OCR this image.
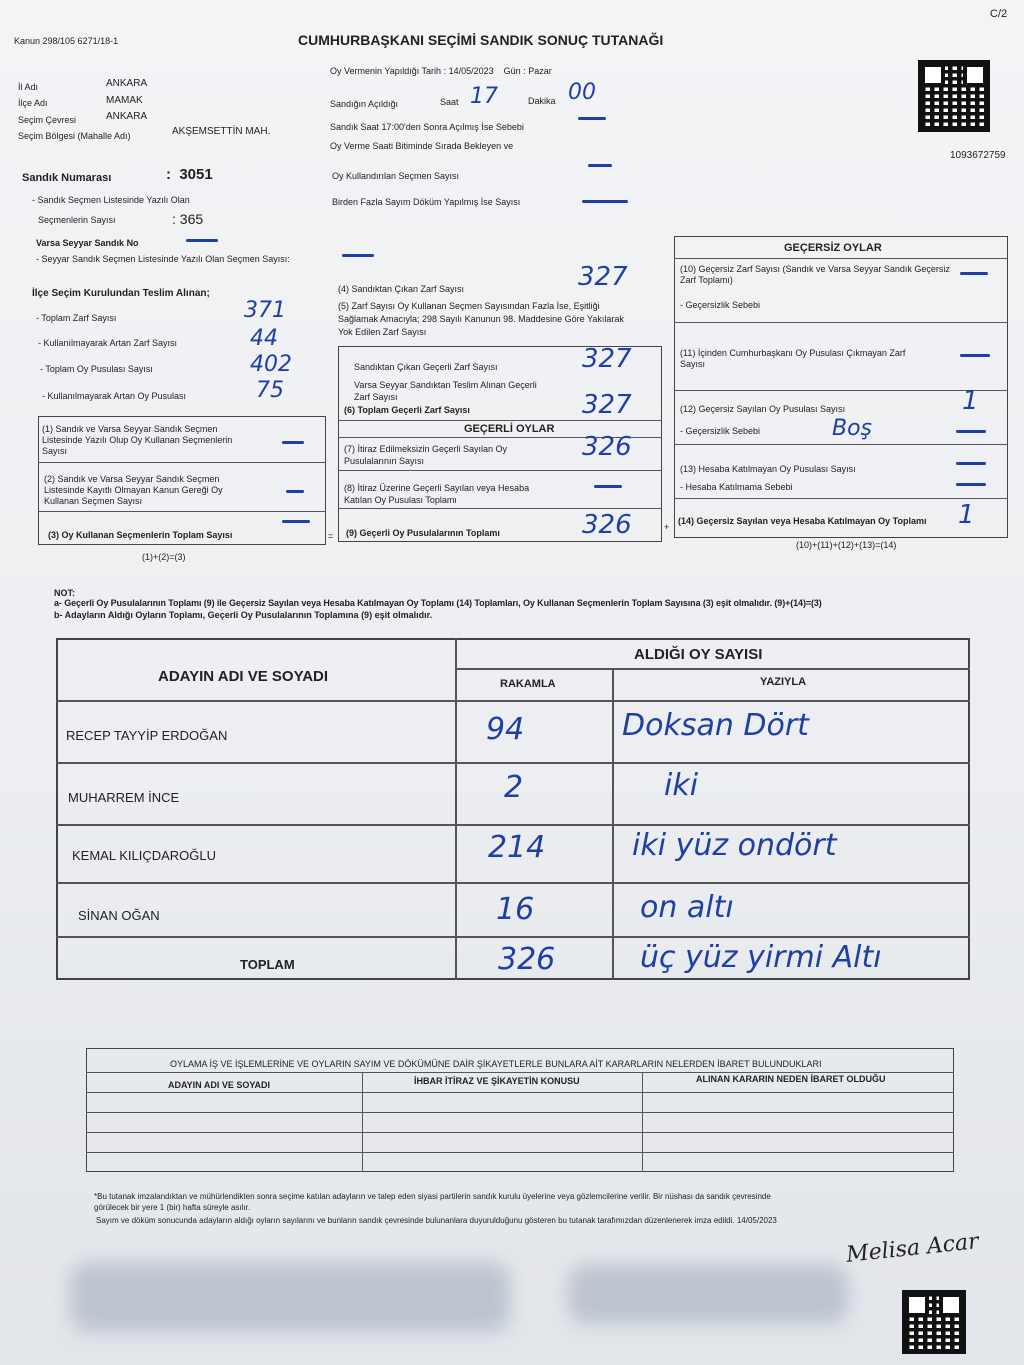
C/2
Kanun 298/105 6271/18-1	CUMHURBAŞKANI SEÇİMİ SANDIK SONUÇ TUTANAĞI
1093672759
İl Adı	ANKARA
İlçe Adı	MAMAK
Seçim Çevresi	ANKARA
Seçim Bölgesi (Mahalle Adı)	AKŞEMSETTİN MAH.
Sandık Numarası	:  3051
- Sandık Seçmen Listesinde Yazılı Olan
Seçmenlerin Sayısı	: 365
Varsa Seyyar Sandık No
- Seyyar Sandık Seçmen Listesinde Yazılı Olan Seçmen Sayısı:
Oy Vermenin Yapıldığı Tarih : 14/05/2023 Gün : Pazar
Sandığın Açıldığı	Saat 17	Dakika 00
Sandık Saat 17:00'den Sonra Açılmış İse Sebebi
Oy Verme Saati Bitiminde Sırada Bekleyen ve
Oy Kullandırılan Seçmen Sayısı
Birden Fazla Sayım Döküm Yapılmış İse Sayısı
İlçe Seçim Kurulundan Teslim Alınan;
- Toplam Zarf Sayısı	371
- Kullanılmayarak Artan Zarf Sayısı	44
- Toplam Oy Pusulası Sayısı	402
- Kullanılmayarak Artan Oy Pusulası	75
(1) Sandık ve Varsa Seyyar Sandık Seçmen Listesinde Yazılı Olup Oy Kullanan Seçmenlerin Sayısı
(2) Sandık ve Varsa Seyyar Sandık Seçmen Listesinde Kayıtlı Olmayan Kanun Gereği Oy Kullanan Seçmen Sayısı
(3) Oy Kullanan Seçmenlerin Toplam Sayısı	=
(1)+(2)=(3)
(4) Sandıktan Çıkan Zarf Sayısı	327
(5) Zarf Sayısı Oy Kullanan Seçmen Sayısından Fazla İse, Eşitliği Sağlamak Amacıyla; 298 Sayılı Kanunun 98. Maddesine Göre Yakılarak Yok Edilen Zarf Sayısı
Sandıktan Çıkan Geçerli Zarf Sayısı	327
Varsa Seyyar Sandıktan Teslim Alınan Geçerli Zarf Sayısı
(6) Toplam Geçerli Zarf Sayısı	327
GEÇERLİ OYLAR
(7) İtiraz Edilmeksizin Geçerli Sayılan Oy Pusulalarının Sayısı	326
(8) İtiraz Üzerine Geçerli Sayılan veya Hesaba Katılan Oy Pusulası Toplamı
(9) Geçerli Oy Pusulalarının Toplamı	326	+
GEÇERSİZ OYLAR
(10) Geçersiz Zarf Sayısı (Sandık ve Varsa Seyyar Sandık Geçersiz Zarf Toplamı)
- Geçersizlik Sebebi
(11) İçinden Cumhurbaşkanı Oy Pusulası Çıkmayan Zarf Sayısı
(12) Geçersiz Sayılan Oy Pusulası Sayısı	1
- Geçersizlik Sebebi	Boş
(13) Hesaba Katılmayan Oy Pusulası Sayısı
- Hesaba Katılmama Sebebi
(14) Geçersiz Sayılan veya Hesaba Katılmayan Oy Toplamı 1
(10)+(11)+(12)+(13)=(14)
NOT:
a- Geçerli Oy Pusulalarının Toplamı (9) ile Geçersiz Sayılan veya Hesaba Katılmayan Oy Toplamı (14) Toplamları, Oy Kullanan Seçmenlerin Toplam Sayısına (3) eşit olmalıdır. (9)+(14)=(3)
b- Adayların Aldığı Oyların Toplamı, Geçerli Oy Pusulalarının Toplamına (9) eşit olmalıdır.
ADAYIN ADI VE SOYADI
ALDIĞI OY SAYISI
RAKAMLA	YAZIYLA
RECEP TAYYİP ERDOĞAN	94	Doksan Dört
MUHARREM İNCE	2	iki
KEMAL KILIÇDAROĞLU	214	iki yüz ondört
SİNAN OĞAN	16	on altı
TOPLAM	326	üç yüz yirmi Altı
OYLAMA İŞ VE İŞLEMLERİNE VE OYLARIN SAYIM VE DÖKÜMÜNE DAİR ŞİKAYETLERLE BUNLARA AİT KARARLARIN NELERDEN İBARET BULUNDUKLARI
ADAYIN ADI VE SOYADI	İHBAR İTİRAZ VE ŞİKAYETİN KONUSU	ALINAN KARARIN NEDEN İBARET OLDUĞU
*Bu tutanak imzalandıktan ve mühürlendikten sonra seçime katılan adayların ve talep eden siyasi partilerin sandık kurulu üyelerine veya gözlemcilerine verilir. Bir nüshası da sandık çevresinde
görülecek bir yere 1 (bir) hafta süreyle asılır.
Sayım ve döküm sonucunda adayların aldığı oyların sayılarını ve bunların sandık çevresinde bulunanlara duyurulduğunu gösteren bu tutanak tarafımızdan düzenlenerek imza edildi. 14/05/2023
Melisa Acar
